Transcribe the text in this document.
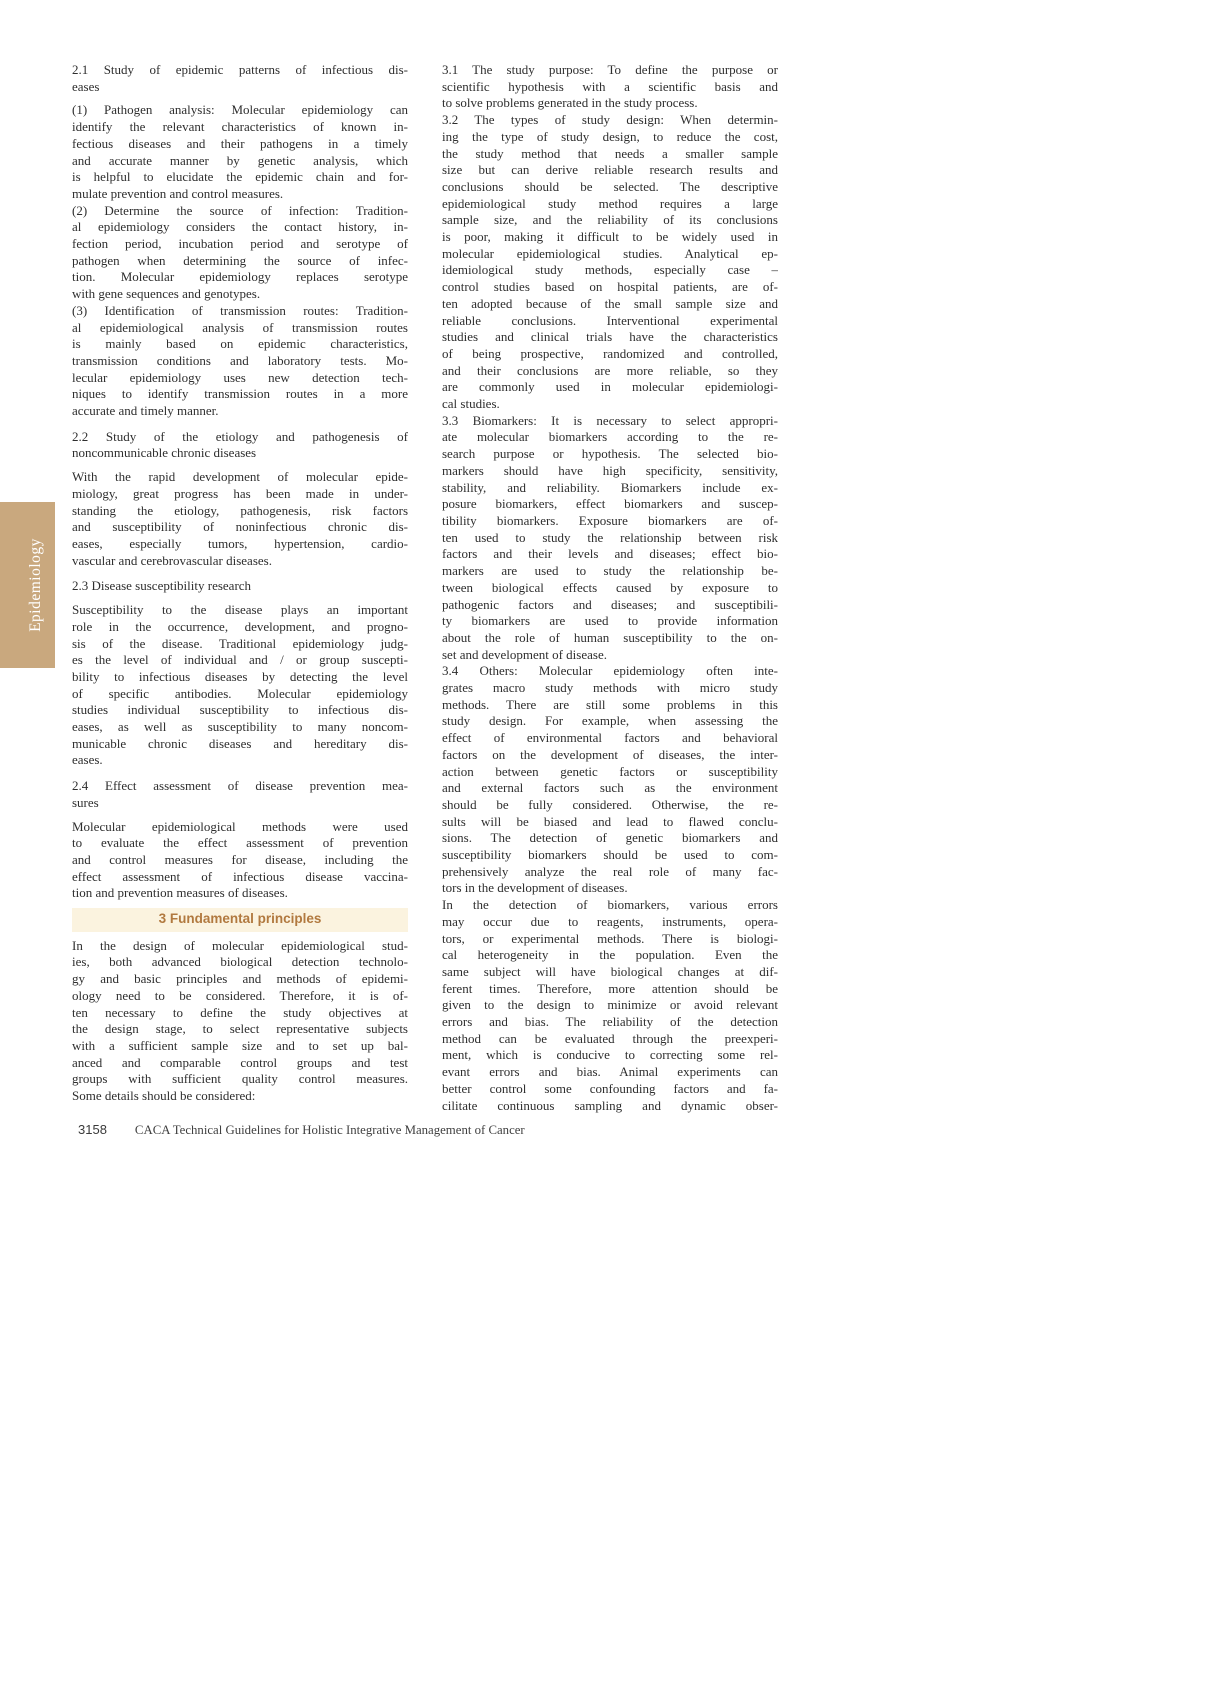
Epidemiology
2.1 Study of epidemic patterns of infectious dis-
eases
(1) Pathogen analysis: Molecular epidemiology can
identify the relevant characteristics of known in-
fectious diseases and their pathogens in a timely
and accurate manner by genetic analysis, which
is helpful to elucidate the epidemic chain and for-
mulate prevention and control measures.
(2) Determine the source of infection: Tradition-
al epidemiology considers the contact history, in-
fection period, incubation period and serotype of
pathogen when determining the source of infec-
tion. Molecular epidemiology replaces serotype
with gene sequences and genotypes.
(3) Identification of transmission routes: Tradition-
al epidemiological analysis of transmission routes
is mainly based on epidemic characteristics,
transmission conditions and laboratory tests. Mo-
lecular epidemiology uses new detection tech-
niques to identify transmission routes in a more
accurate and timely manner.
2.2 Study of the etiology and pathogenesis of
noncommunicable chronic diseases
With the rapid development of molecular epide-
miology, great progress has been made in under-
standing the etiology, pathogenesis, risk factors
and susceptibility of noninfectious chronic dis-
eases, especially tumors, hypertension, cardio-
vascular and cerebrovascular diseases.
2.3 Disease susceptibility research
Susceptibility to the disease plays an important
role in the occurrence, development, and progno-
sis of the disease. Traditional epidemiology judg-
es the level of individual and / or group suscepti-
bility to infectious diseases by detecting the level
of specific antibodies. Molecular epidemiology
studies individual susceptibility to infectious dis-
eases, as well as susceptibility to many noncom-
municable chronic diseases and hereditary dis-
eases.
2.4 Effect assessment of disease prevention mea-
sures
Molecular epidemiological methods were used
to evaluate the effect assessment of prevention
and control measures for disease, including the
effect assessment of infectious disease vaccina-
tion and prevention measures of diseases.
3 Fundamental principles
In the design of molecular epidemiological stud-
ies, both advanced biological detection technolo-
gy and basic principles and methods of epidemi-
ology need to be considered. Therefore, it is of-
ten necessary to define the study objectives at
the design stage, to select representative subjects
with a sufficient sample size and to set up bal-
anced and comparable control groups and test
groups with sufficient quality control measures.
Some details should be considered:
3.1 The study purpose: To define the purpose or
scientific hypothesis with a scientific basis and
to solve problems generated in the study process.
3.2 The types of study design: When determin-
ing the type of study design, to reduce the cost,
the study method that needs a smaller sample
size but can derive reliable research results and
conclusions should be selected. The descriptive
epidemiological study method requires a large
sample size, and the reliability of its conclusions
is poor, making it difficult to be widely used in
molecular epidemiological studies. Analytical ep-
idemiological study methods, especially case –
control studies based on hospital patients, are of-
ten adopted because of the small sample size and
reliable conclusions. Interventional experimental
studies and clinical trials have the characteristics
of being prospective, randomized and controlled,
and their conclusions are more reliable, so they
are commonly used in molecular epidemiologi-
cal studies.
3.3 Biomarkers: It is necessary to select appropri-
ate molecular biomarkers according to the re-
search purpose or hypothesis. The selected bio-
markers should have high specificity, sensitivity,
stability, and reliability. Biomarkers include ex-
posure biomarkers, effect biomarkers and suscep-
tibility biomarkers. Exposure biomarkers are of-
ten used to study the relationship between risk
factors and their levels and diseases; effect bio-
markers are used to study the relationship be-
tween biological effects caused by exposure to
pathogenic factors and diseases; and susceptibili-
ty biomarkers are used to provide information
about the role of human susceptibility to the on-
set and development of disease.
3.4 Others: Molecular epidemiology often inte-
grates macro study methods with micro study
methods. There are still some problems in this
study design. For example, when assessing the
effect of environmental factors and behavioral
factors on the development of diseases, the inter-
action between genetic factors or susceptibility
and external factors such as the environment
should be fully considered. Otherwise, the re-
sults will be biased and lead to flawed conclu-
sions. The detection of genetic biomarkers and
susceptibility biomarkers should be used to com-
prehensively analyze the real role of many fac-
tors in the development of diseases.
In the detection of biomarkers, various errors
may occur due to reagents, instruments, opera-
tors, or experimental methods. There is biologi-
cal heterogeneity in the population. Even the
same subject will have biological changes at dif-
ferent times. Therefore, more attention should be
given to the design to minimize or avoid relevant
errors and bias. The reliability of the detection
method can be evaluated through the preexperi-
ment, which is conducive to correcting some rel-
evant errors and bias. Animal experiments can
better control some confounding factors and fa-
cilitate continuous sampling and dynamic obser-
3158 CACA Technical Guidelines for Holistic Integrative Management of Cancer
